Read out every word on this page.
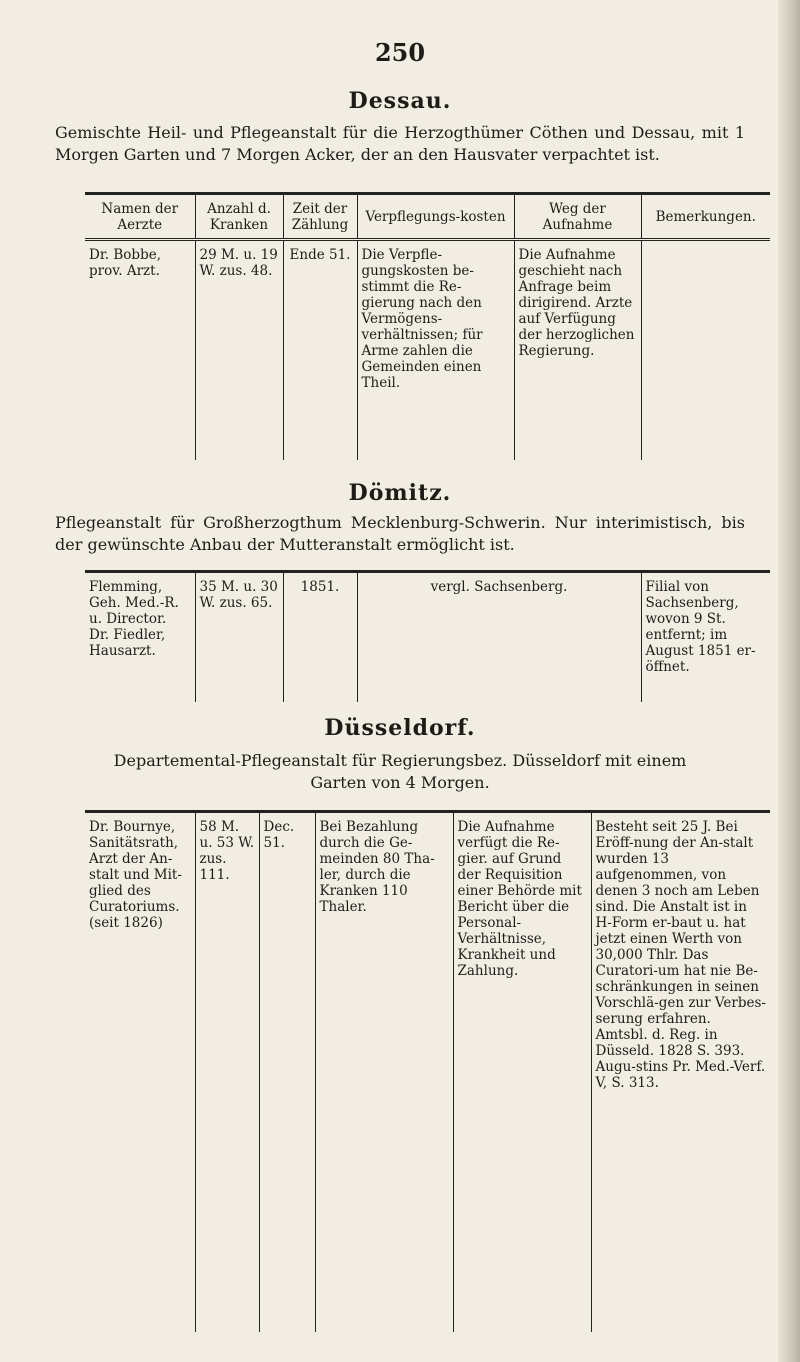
250
Dessau.
Gemischte Heil- und Pflegeanstalt für die Herzogthümer Cöthen und Dessau, mit 1 Morgen Garten und 7 Morgen Acker, der an den Hausvater verpachtet ist.
Namen der Aerzte	Anzahl d. Kranken	Zeit der Zählung	Verpflegungs-kosten	Weg der Aufnahme	Bemerkungen.
Dr. Bobbe, prov. Arzt.	29 M. u. 19 W. zus. 48.	Ende 51.	Die Verpfle-gungskosten be-stimmt die Re-gierung nach den Vermögens-verhältnissen; für Arme zahlen die Gemeinden einen Theil.	Die Aufnahme geschieht nach Anfrage beim dirigirend. Arzte auf Verfügung der herzoglichen Regierung.	
Dömitz.
Pflegeanstalt für Großherzogthum Mecklenburg-Schwerin. Nur interimistisch, bis der gewünschte Anbau der Mutteranstalt ermöglicht ist.
Flemming, Geh. Med.-R. u. Director. Dr. Fiedler, Hausarzt.	35 M. u. 30 W. zus. 65.	1851.	vergl. Sachsenberg.	Filial von Sachsenberg, wovon 9 St. entfernt; im August 1851 er-öffnet.
Düsseldorf.
Departemental-Pflegeanstalt für Regierungsbez. Düsseldorf mit einem
Garten von 4 Morgen.
Dr. Bournye, Sanitätsrath, Arzt der An-stalt und Mit-glied des Curatoriums. (seit 1826)	58 M. u. 53 W. zus. 111.	Dec. 51.	Bei Bezahlung durch die Ge-meinden 80 Tha-ler, durch die Kranken 110 Thaler.	Die Aufnahme verfügt die Re-gier. auf Grund der Requisition einer Behörde mit Bericht über die Personal-Verhältnisse, Krankheit und Zahlung.	Besteht seit 25 J. Bei Eröff-nung der An-stalt wurden 13 aufgenommen, von denen 3 noch am Leben sind. Die Anstalt ist in H-Form er-baut u. hat jetzt einen Werth von 30,000 Thlr. Das Curatori-um hat nie Be-schränkungen in seinen Vorschlä-gen zur Verbes-serung erfahren. Amtsbl. d. Reg. in Düsseld. 1828 S. 393. Augu-stins Pr. Med.-Verf. V, S. 313.
